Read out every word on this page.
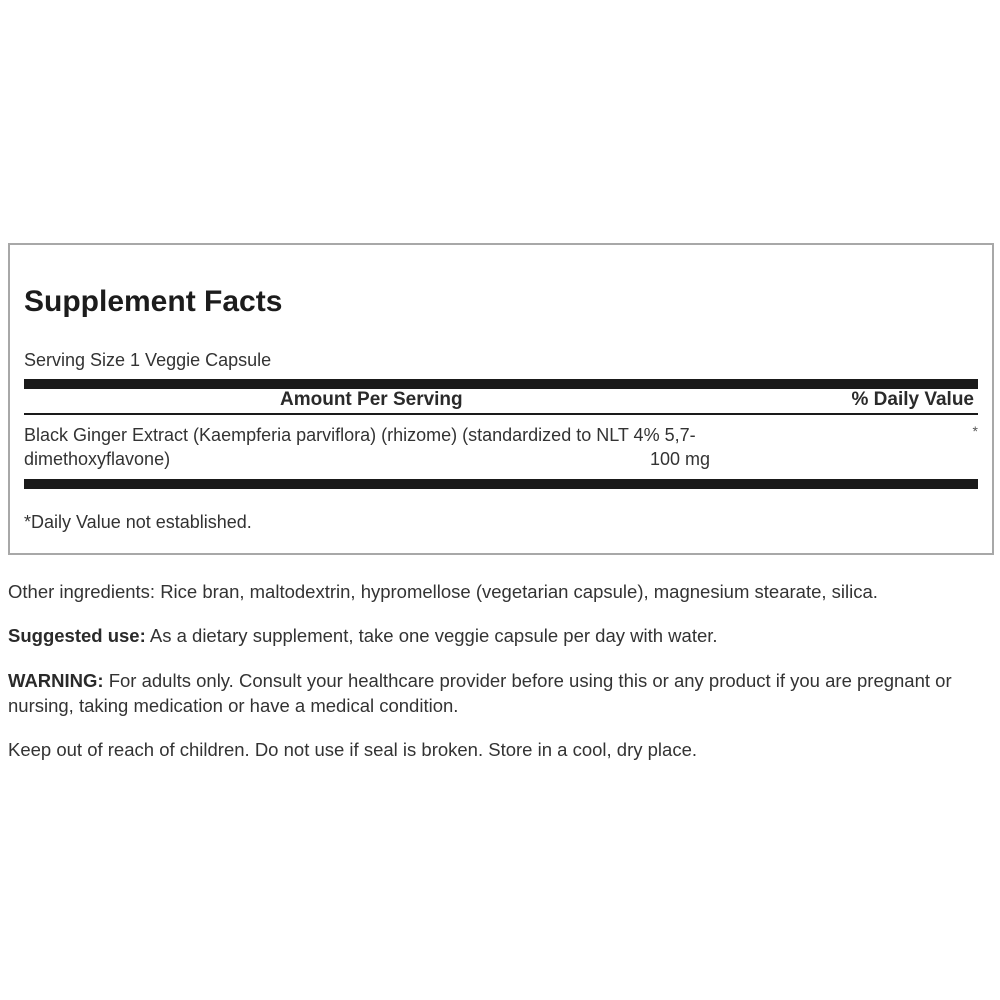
Supplement Facts
Serving Size 1 Veggie Capsule
Amount Per Serving	% Daily Value
Black Ginger Extract (Kaempferia parviflora) (rhizome) (standardized to NLT 4% 5,7-dimethoxyflavone)	100 mg
*
*Daily Value not established.

Other ingredients: Rice bran, maltodextrin, hypromellose (vegetarian capsule), magnesium stearate, silica.

Suggested use: As a dietary supplement, take one veggie capsule per day with water.

WARNING: For adults only. Consult your healthcare provider before using this or any product if you are pregnant or nursing, taking medication or have a medical condition.

Keep out of reach of children. Do not use if seal is broken. Store in a cool, dry place.
